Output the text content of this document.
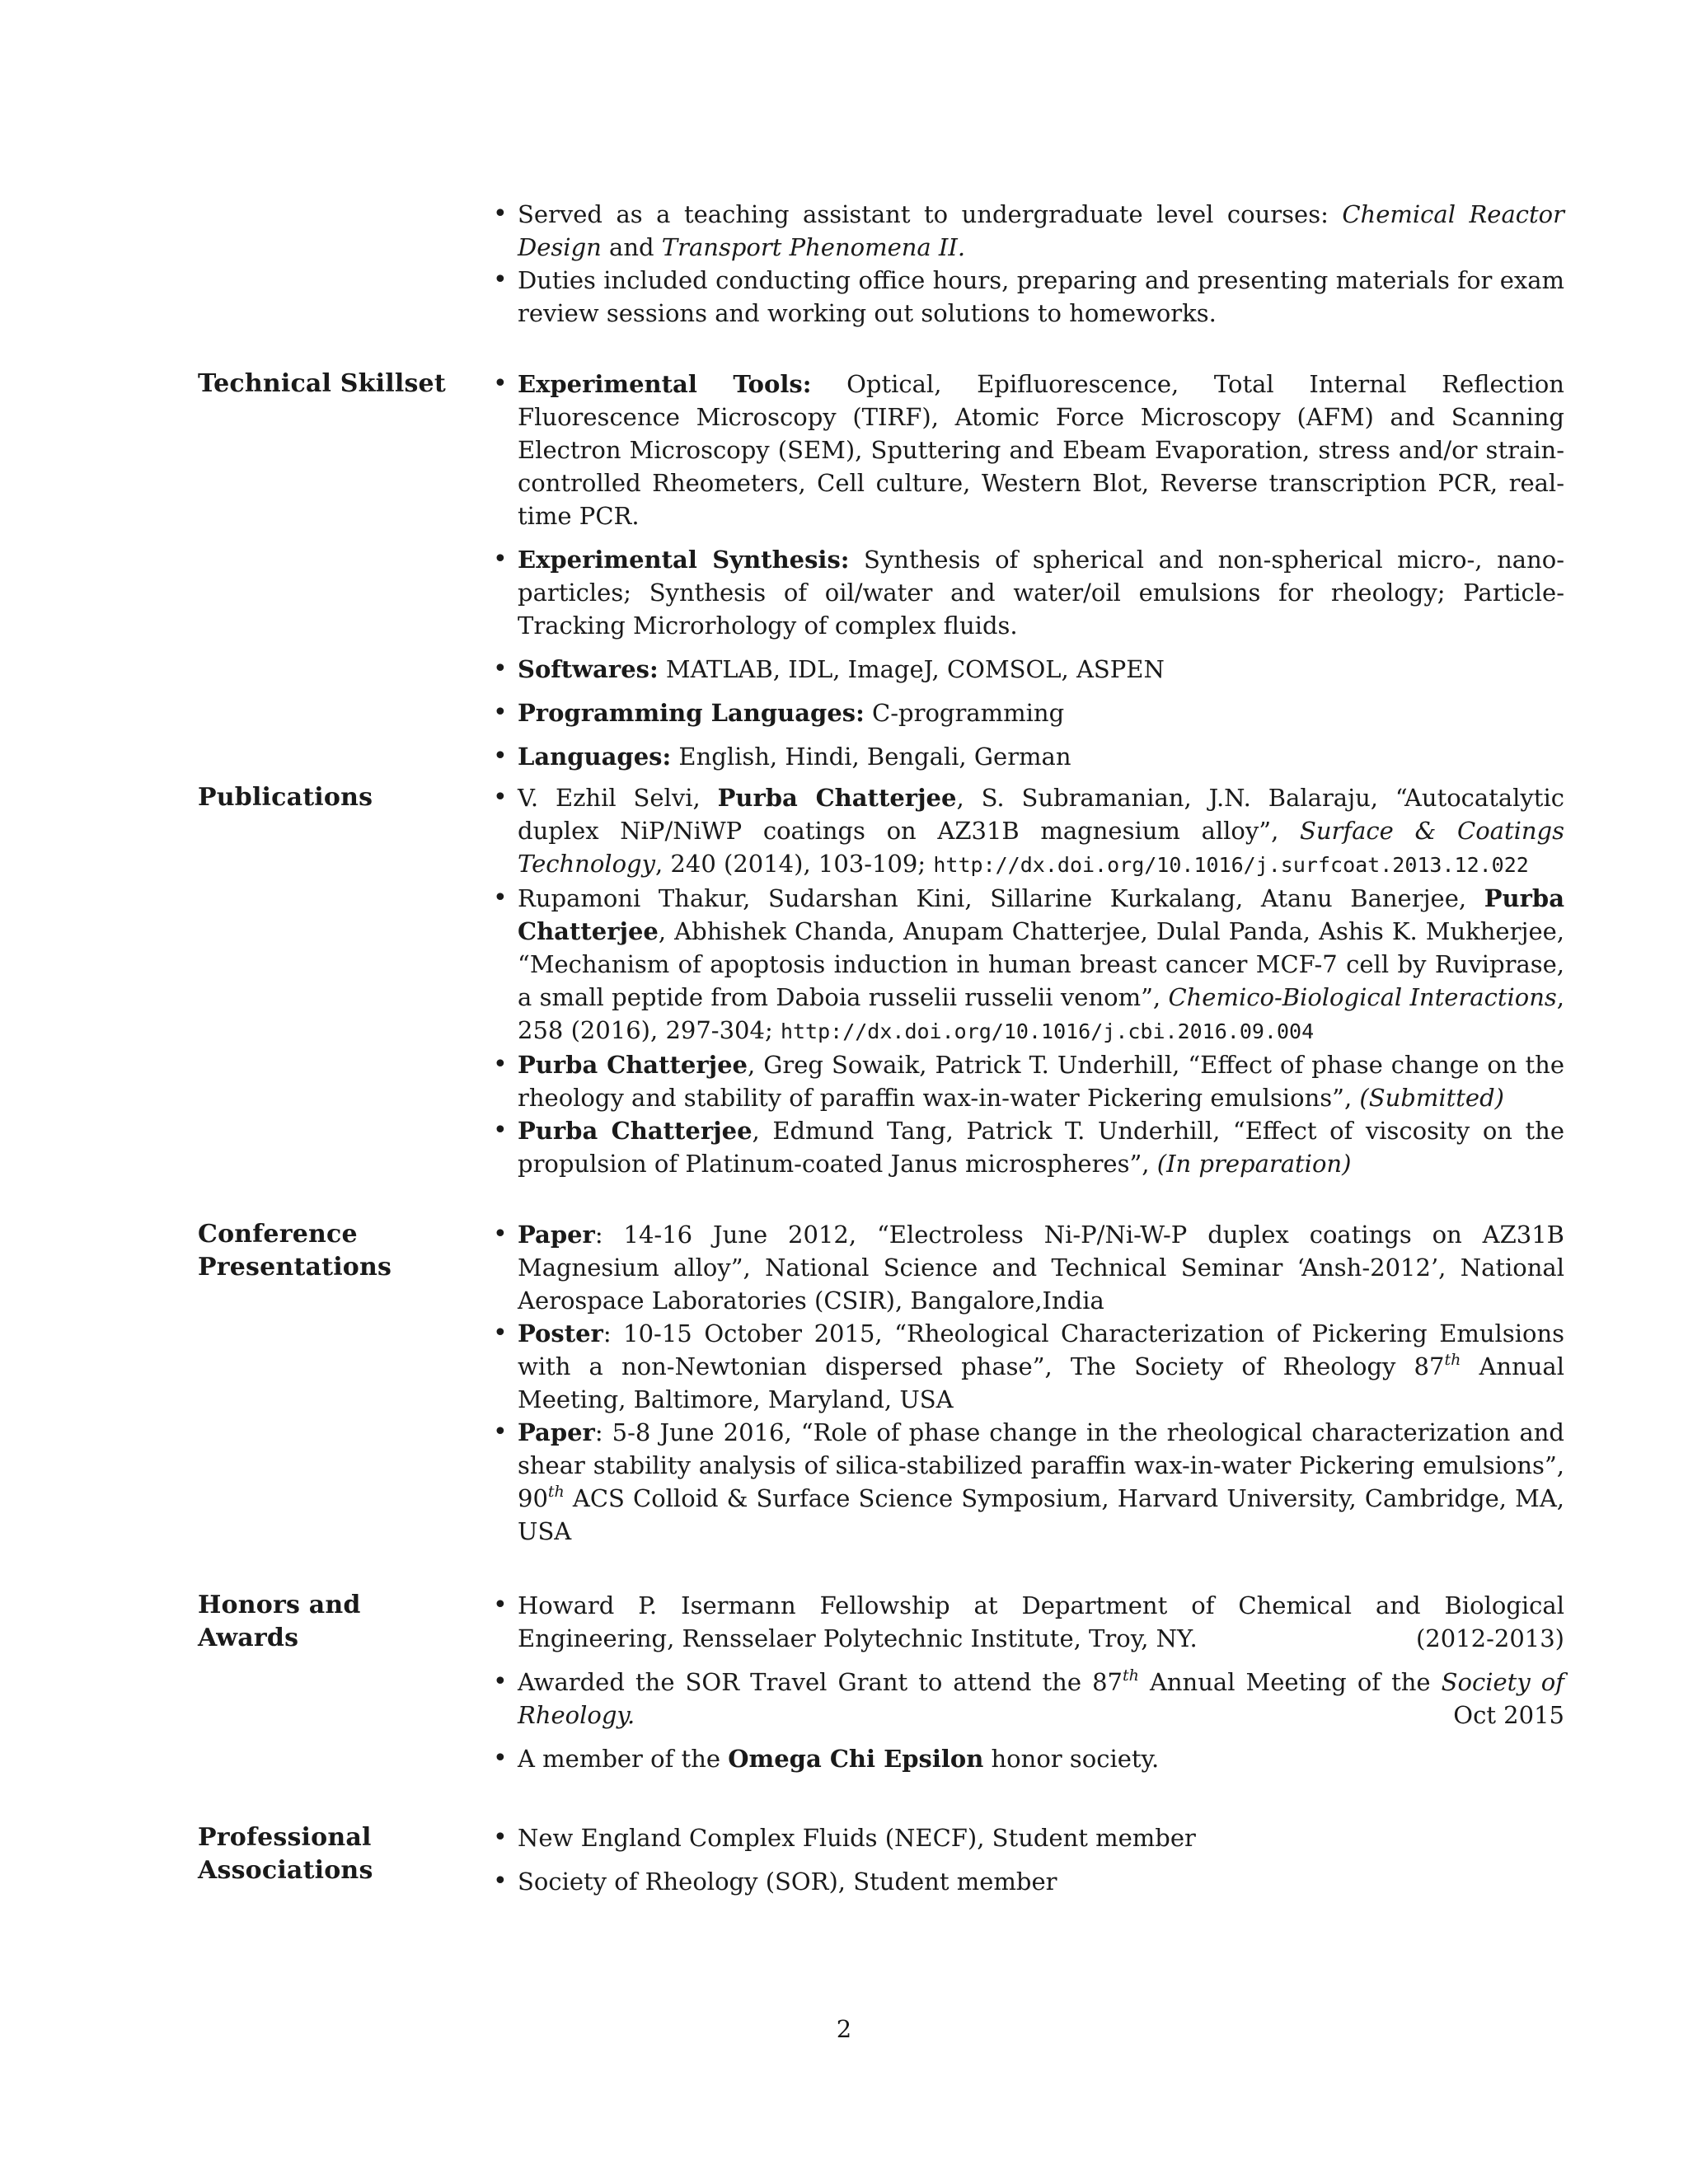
• Served as a teaching assistant to undergraduate level courses: Chemical Reactor Design and Transport Phenomena II.
• Duties included conducting office hours, preparing and presenting materials for exam review sessions and working out solutions to homeworks.
Technical Skillset	• Experimental Tools: Optical, Epifluorescence, Total Internal Reflection Fluorescence Microscopy (TIRF), Atomic Force Microscopy (AFM) and Scanning Electron Microscopy (SEM), Sputtering and Ebeam Evaporation, stress and/or strain-controlled Rheometers, Cell culture, Western Blot, Reverse transcription PCR, real-time PCR.
• Experimental Synthesis: Synthesis of spherical and non-spherical micro-, nano-particles; Synthesis of oil/water and water/oil emulsions for rheology; Particle-Tracking Microrhology of complex fluids.
• Softwares: MATLAB, IDL, ImageJ, COMSOL, ASPEN
• Programming Languages: C-programming
• Languages: English, Hindi, Bengali, German
Publications	• V. Ezhil Selvi, Purba Chatterjee, S. Subramanian, J.N. Balaraju, “Autocatalytic duplex NiP/NiWP coatings on AZ31B magnesium alloy”, Surface & Coatings Technology, 240 (2014), 103-109; http://dx.doi.org/10.1016/j.surfcoat.2013.12.022
• Rupamoni Thakur, Sudarshan Kini, Sillarine Kurkalang, Atanu Banerjee, Purba Chatterjee, Abhishek Chanda, Anupam Chatterjee, Dulal Panda, Ashis K. Mukherjee, “Mechanism of apoptosis induction in human breast cancer MCF-7 cell by Ruviprase, a small peptide from Daboia russelii russelii venom”, Chemico-Biological Interactions, 258 (2016), 297-304; http://dx.doi.org/10.1016/j.cbi.2016.09.004
• Purba Chatterjee, Greg Sowaik, Patrick T. Underhill, “Effect of phase change on the rheology and stability of paraffin wax-in-water Pickering emulsions”, (Submitted)
• Purba Chatterjee, Edmund Tang, Patrick T. Underhill, “Effect of viscosity on the propulsion of Platinum-coated Janus microspheres”, (In preparation)
Conference
Presentations
• Paper: 14-16 June 2012, “Electroless Ni-P/Ni-W-P duplex coatings on AZ31B Magnesium alloy”, National Science and Technical Seminar ‘Ansh-2012’, National Aerospace Laboratories (CSIR), Bangalore,India
• Poster: 10-15 October 2015, “Rheological Characterization of Pickering Emulsions with a non-Newtonian dispersed phase”, The Society of Rheology 87th Annual Meeting, Baltimore, Maryland, USA
• Paper: 5-8 June 2016, “Role of phase change in the rheological characterization and shear stability analysis of silica-stabilized paraffin wax-in-water Pickering emulsions”, 90th ACS Colloid & Surface Science Symposium, Harvard University, Cambridge, MA, USA
Honors and
Awards
• Howard P. Isermann Fellowship at Department of Chemical and Biological Engineering, Rensselaer Polytechnic Institute, Troy, NY.	(2012-2013)
• Awarded the SOR Travel Grant to attend the 87th Annual Meeting of the Society of Rheology.	Oct 2015
• A member of the Omega Chi Epsilon honor society.
Professional
Associations
• New England Complex Fluids (NECF), Student member
• Society of Rheology (SOR), Student member
2
